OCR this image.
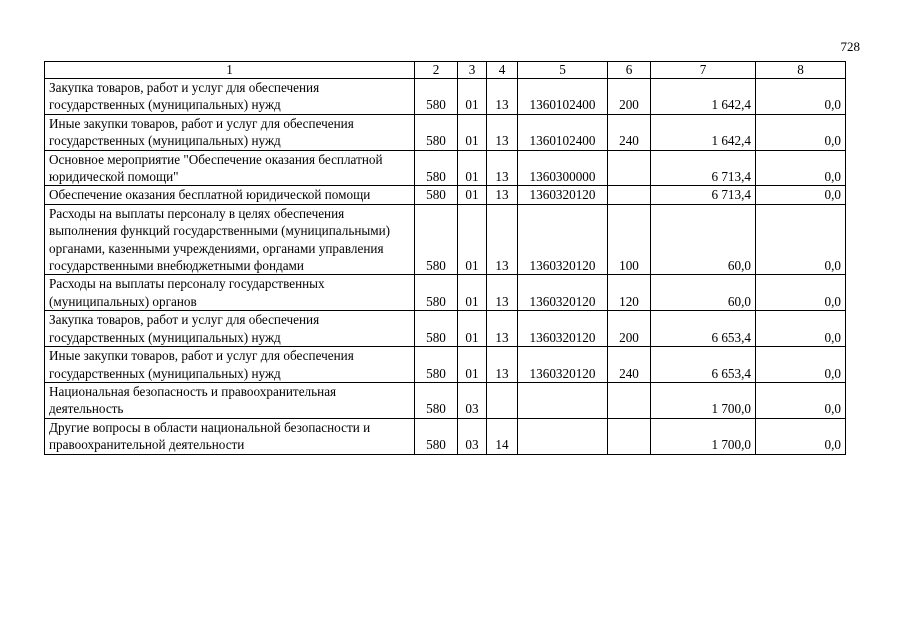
728
1	2	3	4	5	6	7	8
Закупка товаров, работ и услуг для обеспечения государственных (муниципальных) нужд	580	01	13	1360102400	200	1 642,4	0,0
Иные закупки товаров, работ и услуг для обеспечения государственных (муниципальных) нужд	580	01	13	1360102400	240	1 642,4	0,0
Основное мероприятие "Обеспечение оказания бесплатной юридической помощи"	580	01	13	1360300000		6 713,4	0,0
Обеспечение оказания бесплатной юридической помощи	580	01	13	1360320120		6 713,4	0,0
Расходы на выплаты персоналу в целях обеспечения выполнения функций государственными (муниципальными) органами, казенными учреждениями, органами управления государственными внебюджетными фондами	580	01	13	1360320120	100	60,0	0,0
Расходы на выплаты персоналу государственных (муниципальных) органов	580	01	13	1360320120	120	60,0	0,0
Закупка товаров, работ и услуг для обеспечения государственных (муниципальных) нужд	580	01	13	1360320120	200	6 653,4	0,0
Иные закупки товаров, работ и услуг для обеспечения государственных (муниципальных) нужд	580	01	13	1360320120	240	6 653,4	0,0
Национальная безопасность и правоохранительная деятельность	580	03				1 700,0	0,0
Другие вопросы в области национальной безопасности и правоохранительной деятельности	580	03	14			1 700,0	0,0
